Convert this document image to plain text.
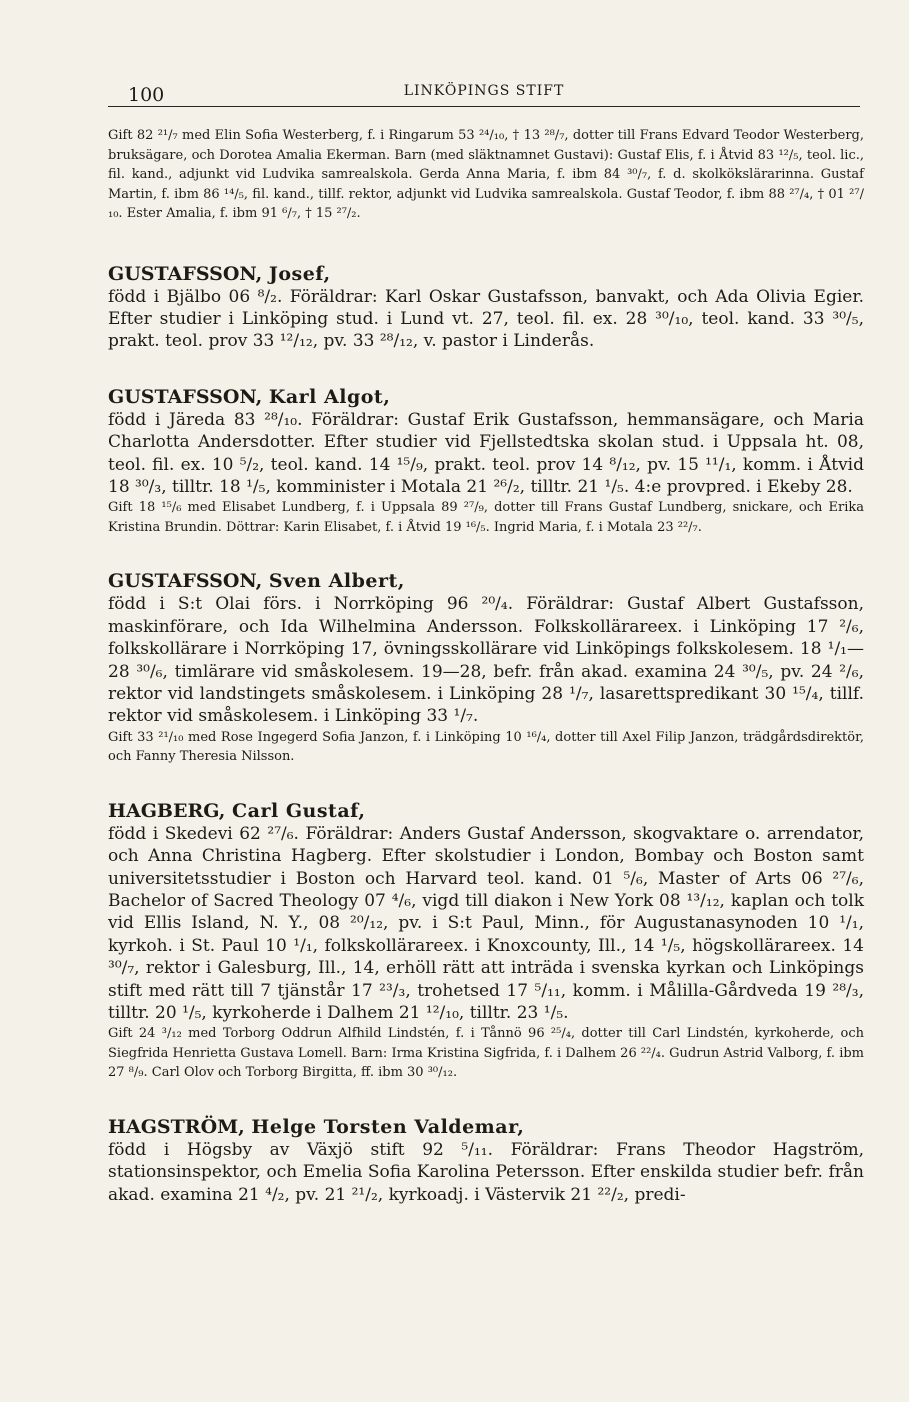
100	LINKÖPINGS STIFT

Gift 82 ²¹/₇ med Elin Sofia Westerberg, f. i Ringarum 53 ²⁴/₁₀, † 13 ²⁸/₇, dotter till Frans Edvard Teodor Westerberg, bruksägare, och Dorotea Amalia Ekerman. Barn (med släktnamnet Gustavi): Gustaf Elis, f. i Åtvid 83 ¹²/₅, teol. lic., fil. kand., adjunkt vid Ludvika samrealskola. Gerda Anna Maria, f. ibm 84 ³⁰/₇, f. d. skolkökslärarinna. Gustaf Martin, f. ibm 86 ¹⁴/₅, fil. kand., tillf. rektor, adjunkt vid Ludvika samrealskola. Gustaf Teodor, f. ibm 88 ²⁷/₄, † 01 ²⁷/₁₀. Ester Amalia, f. ibm 91 ⁶/₇, † 15 ²⁷/₂.

GUSTAFSSON, Josef,

född i Bjälbo 06 ⁸/₂. Föräldrar: Karl Oskar Gustafsson, banvakt, och Ada Olivia Egier. Efter studier i Linköping stud. i Lund vt. 27, teol. fil. ex. 28 ³⁰/₁₀, teol. kand. 33 ³⁰/₅, prakt. teol. prov 33 ¹²/₁₂, pv. 33 ²⁸/₁₂, v. pastor i Linderås.

GUSTAFSSON, Karl Algot,

född i Järeda 83 ²⁸/₁₀. Föräldrar: Gustaf Erik Gustafsson, hemmansägare, och Maria Charlotta Andersdotter. Efter studier vid Fjellstedtska skolan stud. i Uppsala ht. 08, teol. fil. ex. 10 ⁵/₂, teol. kand. 14 ¹⁵/₉, prakt. teol. prov 14 ⁸/₁₂, pv. 15 ¹¹/₁, komm. i Åtvid 18 ³⁰/₃, tilltr. 18 ¹/₅, komminister i Motala 21 ²⁶/₂, tilltr. 21 ¹/₅. 4:e provpred. i Ekeby 28.

Gift 18 ¹⁵/₆ med Elisabet Lundberg, f. i Uppsala 89 ²⁷/₉, dotter till Frans Gustaf Lundberg, snickare, och Erika Kristina Brundin. Döttrar: Karin Elisabet, f. i Åtvid 19 ¹⁶/₅. Ingrid Maria, f. i Motala 23 ²²/₇.

GUSTAFSSON, Sven Albert,

född i S:t Olai förs. i Norrköping 96 ²⁰/₄. Föräldrar: Gustaf Albert Gustafsson, maskinförare, och Ida Wilhelmina Andersson. Folkskollärareex. i Linköping 17 ²/₆, folkskollärare i Norrköping 17, övningsskollärare vid Linköpings folkskolesem. 18 ¹/₁—28 ³⁰/₆, timlärare vid småskolesem. 19—28, befr. från akad. examina 24 ³⁰/₅, pv. 24 ²/₆, rektor vid landstingets småskolesem. i Linköping 28 ¹/₇, lasarettspredikant 30 ¹⁵/₄, tillf. rektor vid småskolesem. i Linköping 33 ¹/₇.

Gift 33 ²¹/₁₀ med Rose Ingegerd Sofia Janzon, f. i Linköping 10 ¹⁶/₄, dotter till Axel Filip Janzon, trädgårdsdirektör, och Fanny Theresia Nilsson.

HAGBERG, Carl Gustaf,

född i Skedevi 62 ²⁷/₆. Föräldrar: Anders Gustaf Andersson, skogvaktare o. arrendator, och Anna Christina Hagberg. Efter skolstudier i London, Bombay och Boston samt universitetsstudier i Boston och Harvard teol. kand. 01 ⁵/₆, Master of Arts 06 ²⁷/₆, Bachelor of Sacred Theology 07 ⁴/₆, vigd till diakon i New York 08 ¹³/₁₂, kaplan och tolk vid Ellis Island, N. Y., 08 ²⁰/₁₂, pv. i S:t Paul, Minn., för Augustanasynoden 10 ¹/₁, kyrkoh. i St. Paul 10 ¹/₁, folkskollärareex. i Knoxcounty, Ill., 14 ¹/₅, högskollärareex. 14 ³⁰/₇, rektor i Galesburg, Ill., 14, erhöll rätt att inträda i svenska kyrkan och Linköpings stift med rätt till 7 tjänstår 17 ²³/₃, trohetsed 17 ⁵/₁₁, komm. i Målilla-Gårdveda 19 ²⁸/₃, tilltr. 20 ¹/₅, kyrkoherde i Dalhem 21 ¹²/₁₀, tilltr. 23 ¹/₅.

Gift 24 ³/₁₂ med Torborg Oddrun Alfhild Lindstén, f. i Tånnö 96 ²⁵/₄, dotter till Carl Lindstén, kyrkoherde, och Siegfrida Henrietta Gustava Lomell. Barn: Irma Kristina Sigfrida, f. i Dalhem 26 ²²/₄. Gudrun Astrid Valborg, f. ibm 27 ⁸/₉. Carl Olov och Torborg Birgitta, ff. ibm 30 ³⁰/₁₂.

HAGSTRÖM, Helge Torsten Valdemar,

född i Högsby av Växjö stift 92 ⁵/₁₁. Föräldrar: Frans Theodor Hagström, stationsinspektor, och Emelia Sofia Karolina Petersson. Efter enskilda studier befr. från akad. examina 21 ⁴/₂, pv. 21 ²¹/₂, kyrkoadj. i Västervik 21 ²²/₂, predi-
